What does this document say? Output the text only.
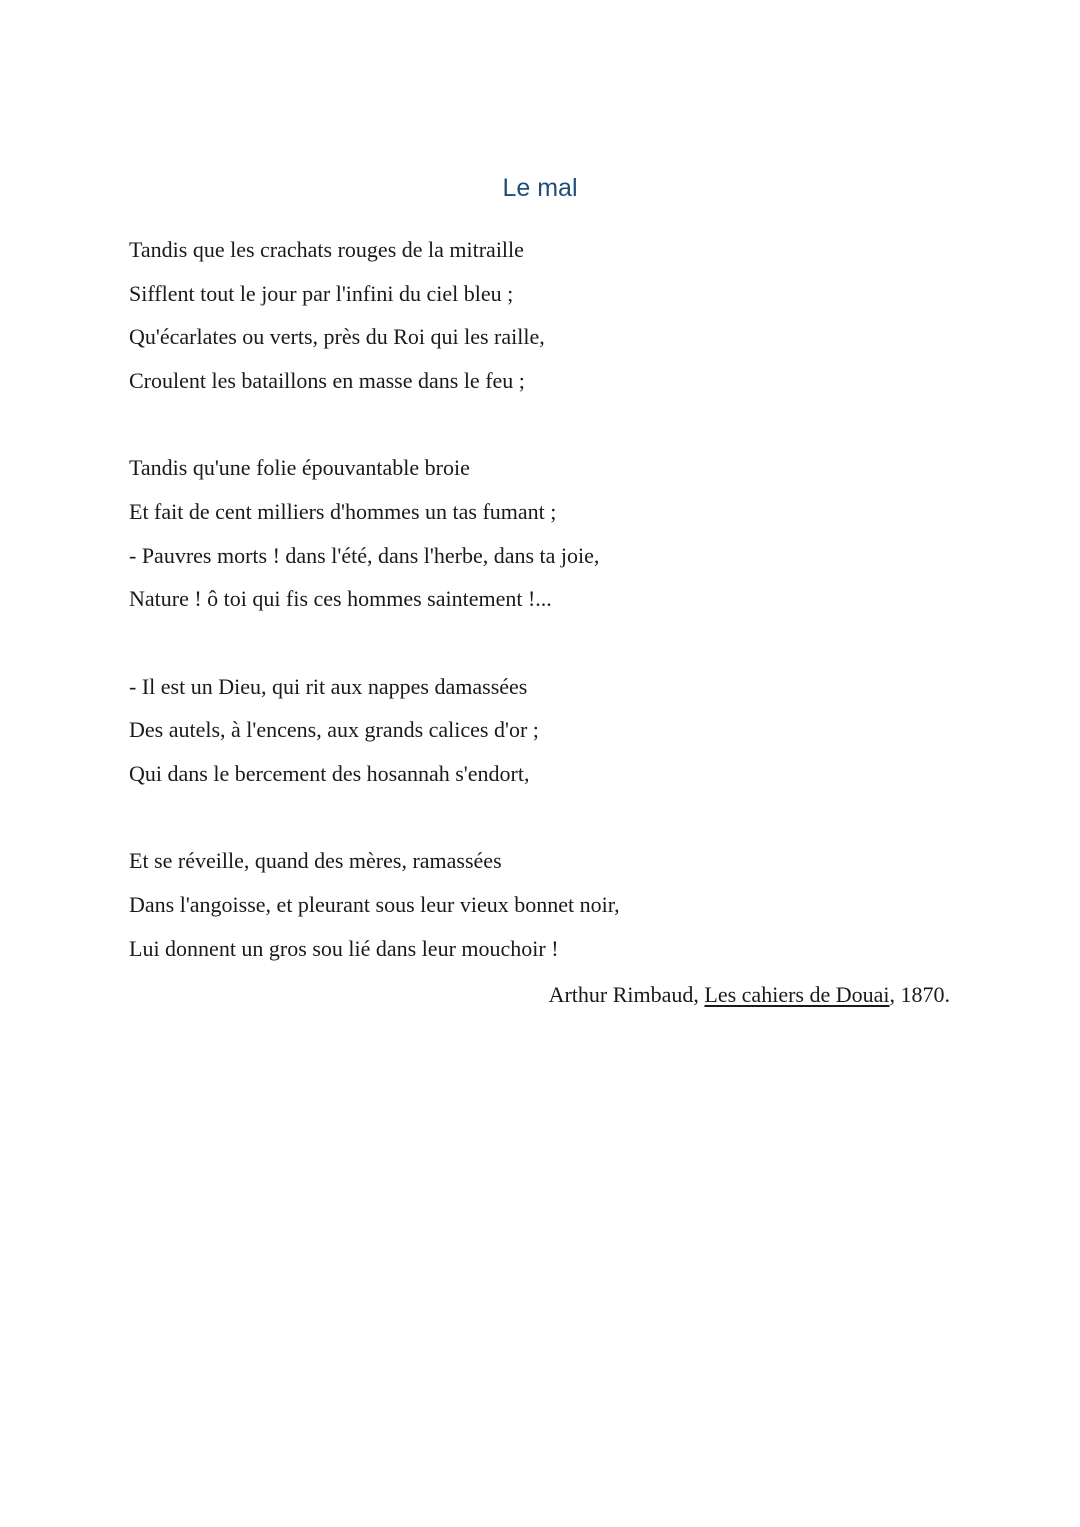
Le mal
Tandis que les crachats rouges de la mitraille
Sifflent tout le jour par l'infini du ciel bleu ;
Qu'écarlates ou verts, près du Roi qui les raille,
Croulent les bataillons en masse dans le feu ;
Tandis qu'une folie épouvantable broie
Et fait de cent milliers d'hommes un tas fumant ;
- Pauvres morts ! dans l'été, dans l'herbe, dans ta joie,
Nature ! ô toi qui fis ces hommes saintement !...
- Il est un Dieu, qui rit aux nappes damassées
Des autels, à l'encens, aux grands calices d'or ;
Qui dans le bercement des hosannah s'endort,
Et se réveille, quand des mères, ramassées
Dans l'angoisse, et pleurant sous leur vieux bonnet noir,
Lui donnent un gros sou lié dans leur mouchoir !
Arthur Rimbaud, Les cahiers de Douai, 1870.
